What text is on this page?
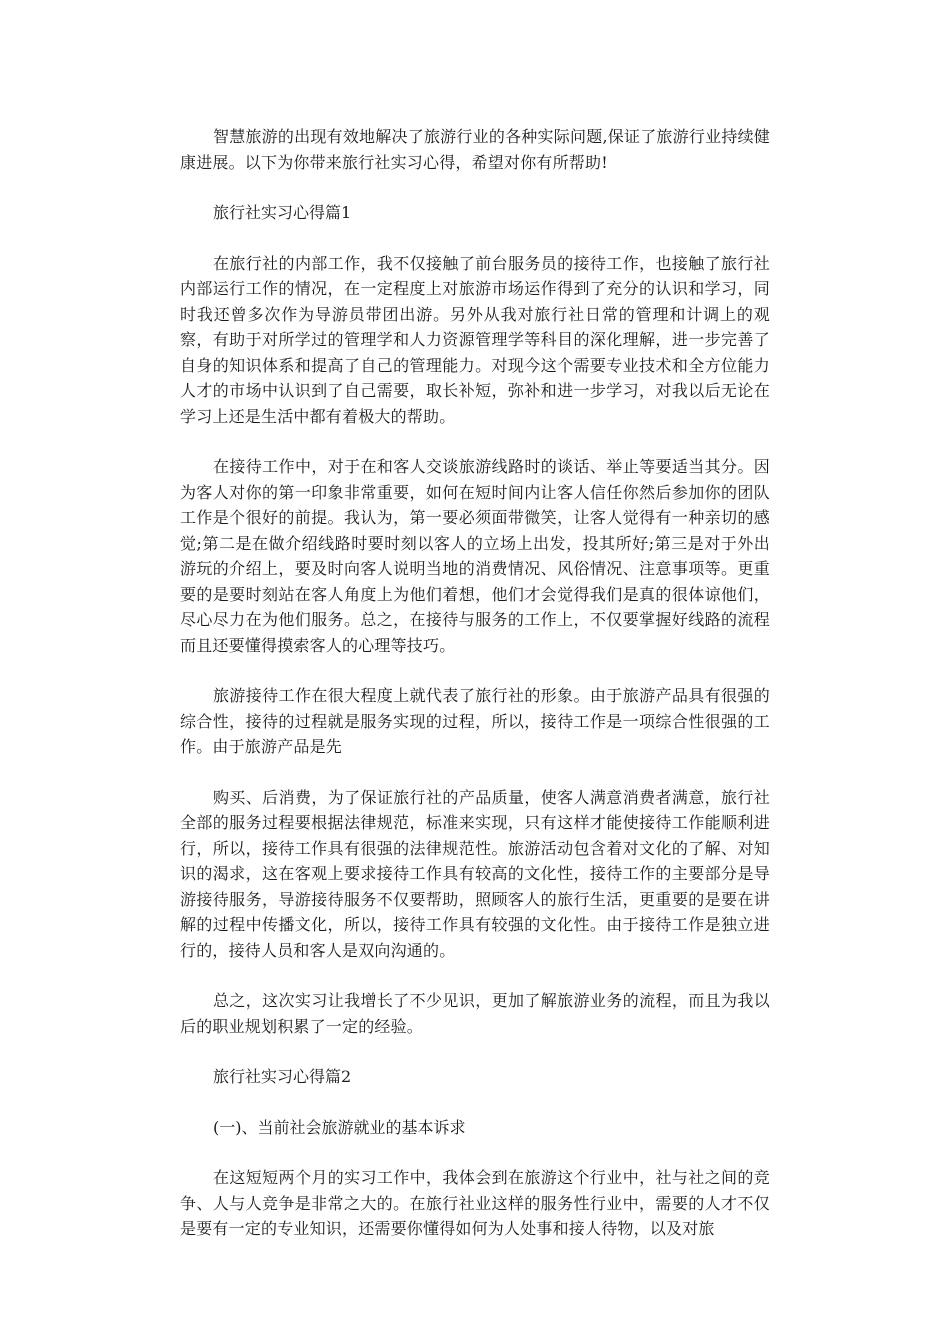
智慧旅游的出现有效地解决了旅游行业的各种实际问题,保证了旅游行业持续健康进展。以下为你带来旅行社实习心得，希望对你有所帮助!

旅行社实习心得篇1

在旅行社的内部工作，我不仅接触了前台服务员的接待工作，也接触了旅行社内部运行工作的情况，在一定程度上对旅游市场运作得到了充分的认识和学习，同时我还曾多次作为导游员带团出游。另外从我对旅行社日常的管理和计调上的观察，有助于对所学过的管理学和人力资源管理学等科目的深化理解，进一步完善了自身的知识体系和提高了自己的管理能力。对现今这个需要专业技术和全方位能力人才的市场中认识到了自己需要，取长补短，弥补和进一步学习，对我以后无论在学习上还是生活中都有着极大的帮助。

在接待工作中，对于在和客人交谈旅游线路时的谈话、举止等要适当其分。因为客人对你的第一印象非常重要，如何在短时间内让客人信任你然后参加你的团队工作是个很好的前提。我认为，第一要必须面带微笑，让客人觉得有一种亲切的感觉;第二是在做介绍线路时要时刻以客人的立场上出发，投其所好;第三是对于外出游玩的介绍上，要及时向客人说明当地的消费情况、风俗情况、注意事项等。更重要的是要时刻站在客人角度上为他们着想，他们才会觉得我们是真的很体谅他们，尽心尽力在为他们服务。总之，在接待与服务的工作上，不仅要掌握好线路的流程而且还要懂得摸索客人的心理等技巧。

旅游接待工作在很大程度上就代表了旅行社的形象。由于旅游产品具有很强的综合性，接待的过程就是服务实现的过程，所以，接待工作是一项综合性很强的工作。由于旅游产品是先

购买、后消费，为了保证旅行社的产品质量，使客人满意消费者满意，旅行社全部的服务过程要根据法律规范，标准来实现，只有这样才能使接待工作能顺利进行，所以，接待工作具有很强的法律规范性。旅游活动包含着对文化的了解、对知识的渴求，这在客观上要求接待工作具有较高的文化性，接待工作的主要部分是导游接待服务，导游接待服务不仅要帮助，照顾客人的旅行生活，更重要的是要在讲解的过程中传播文化，所以，接待工作具有较强的文化性。由于接待工作是独立进行的，接待人员和客人是双向沟通的。

总之，这次实习让我增长了不少见识，更加了解旅游业务的流程，而且为我以后的职业规划积累了一定的经验。

旅行社实习心得篇2

(一)、当前社会旅游就业的基本诉求

在这短短两个月的实习工作中，我体会到在旅游这个行业中，社与社之间的竞争、人与人竞争是非常之大的。在旅行社业这样的服务性行业中，需要的人才不仅是要有一定的专业知识，还需要你懂得如何为人处事和接人待物，以及对旅
